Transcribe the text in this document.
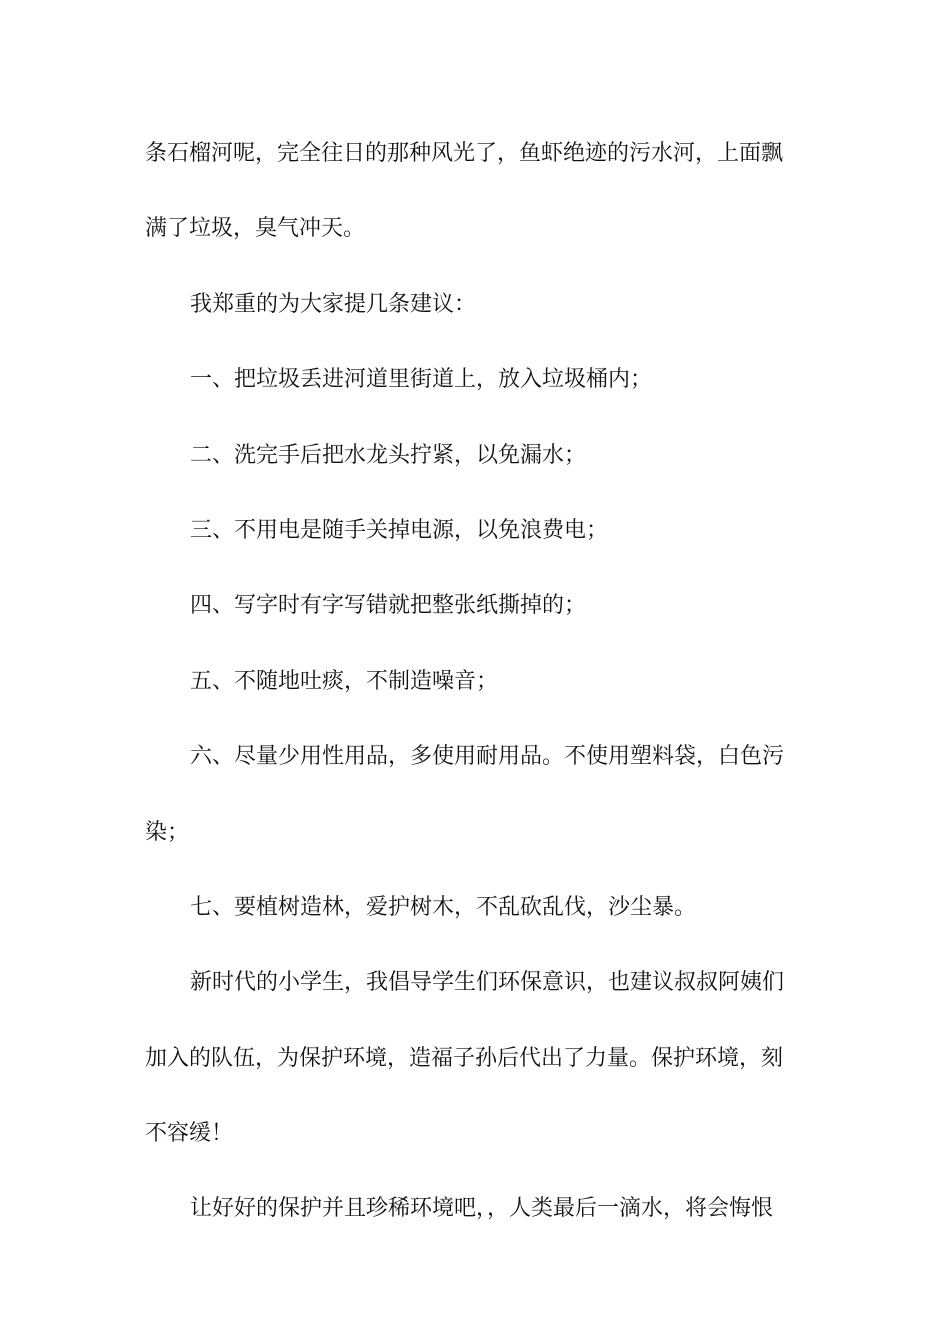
条石榴河呢，完全往日的那种风光了，鱼虾绝迹的污水河，上面飘
满了垃圾，臭气冲天。
我郑重的为大家提几条建议：
一、把垃圾丢进河道里街道上，放入垃圾桶内；
二、洗完手后把水龙头拧紧，以免漏水；
三、不用电是随手关掉电源，以免浪费电；
四、写字时有字写错就把整张纸撕掉的；
五、不随地吐痰，不制造噪音；
六、尽量少用性用品，多使用耐用品。不使用塑料袋，白色污
染；
七、要植树造林，爱护树木，不乱砍乱伐，沙尘暴。
新时代的小学生，我倡导学生们环保意识，也建议叔叔阿姨们
加入的队伍，为保护环境，造福子孙后代出了力量。保护环境，刻
不容缓！
让好好的保护并且珍稀环境吧，，人类最后一滴水，将会悔恨
